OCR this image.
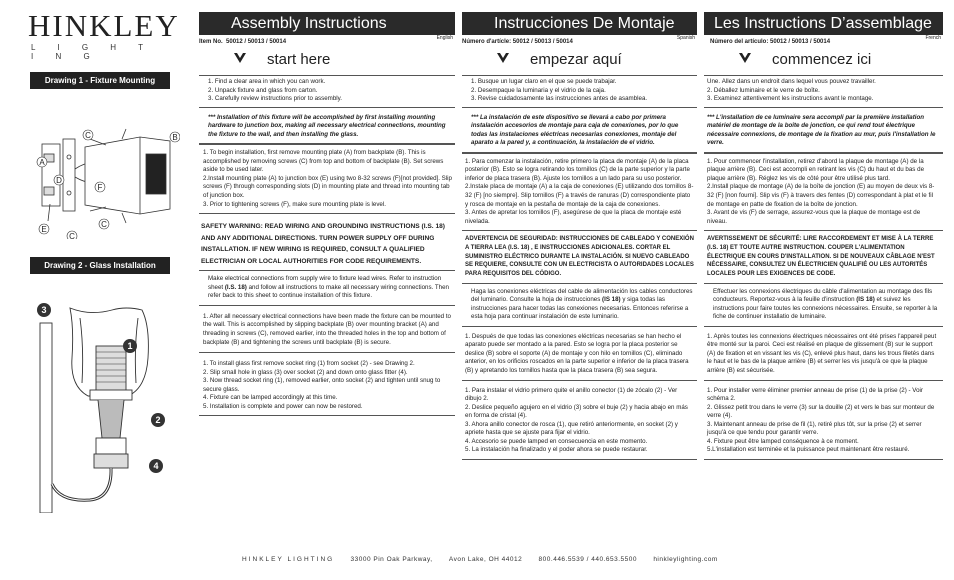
HINKLEY
L I G H T I N G
Drawing 1 - Fixture Mounting
C	B
A
D
F
E
C
C
Drawing 2 - Glass Installation
3
1
2
4
Assembly Instructions
Item No. 50012 / 50013 / 50014
English
start here
1. Find a clear area in which you can work.
2. Unpack fixture and glass from carton.
3. Carefully review instructions prior to assembly.
*** Installation of this fixture will be accomplished by first installing mounting hardware to junction box, making all necessary electrical connections, mounting the fixture to the wall, and then installing the glass.
1. To begin installation, first remove mounting plate (A) from backplate (B). This is accomplished by removing screws (C) from top and bottom of backplate (B). Set screws aside to be used later.
2.Install mounting plate (A) to junction box (E) using two 8-32 screws (F)[not provided]. Slip screws (F) through corresponding slots (D) in mounting plate and thread into mounting tab of junction box.
3. Prior to tightening screws (F), make sure mounting plate is level.
SAFETY WARNING: READ WIRING AND GROUNDING INSTRUCTIONS (I.S. 18) AND ANY ADDITIONAL DIRECTIONS. TURN POWER SUPPLY OFF DURING INSTALLATION. IF NEW WIRING IS REQUIRED, CONSULT A QUALIFIED ELECTRICIAN OR LOCAL AUTHORITIES FOR CODE REQUIREMENTS.
Make electrical connections from supply wire to fixture lead wires. Refer to instruction sheet (I.S. 18) and follow all instructions to make all necessary wiring connections. Then refer back to this sheet to continue installation of this fixture.
1. After all necessary electrical connections have been made the fixture can be mounted to the wall. This is accomplished by slipping backplate (B) over mounting bracket (A) and threading in screws (C), removed earlier, into the threaded holes in the top and bottom of backplate (B) and tightening the screws until backplate (B) is secure.
1. To install glass first remove socket ring (1) from socket (2) - see Drawing 2.
2. Slip small hole in glass (3) over socket (2) and down onto glass fitter (4).
3. Now thread socket ring (1), removed earlier, onto socket (2) and tighten until snug to secure glass.
4. Fixture can be lamped accordingly at this time.
5. Installation is complete and power can now be restored.
Instrucciones De Montaje
Número d'artícle: 50012 / 50013 / 50014
Spanish
empezar aquí
1. Busque un lugar claro en el que se puede trabajar.
2. Desempaque la luminaria y el vidrio de la caja.
3. Revise cuidadosamente las instrucciones antes de asamblea.
*** La instalación de este dispositivo se llevará a cabo por primera instalación accesorios de montaje para caja de conexiones, por lo que todas las instalaciones eléctricas necesarias conexiones, montaje del aparato a la pared y, a continuación, la instalación de el vidrio.
1. Para comenzar la instalación, retire primero la placa de montaje (A) de la placa posterior (B). Esto se logra retirando los tornillos (C) de la parte superior y la parte inferior de placa trasera (B). Ajuste los tornillos a un lado para su uso posterior.
2.Instale placa de montaje (A) a la caja de conexiones (E) utilizando dos tornillos 8-32 (F) [no siempre]. Slip tornillos (F) a través de ranuras (D) correspondiente plato y rosca de montaje en la pestaña de montaje de la caja de conexiones.
3. Antes de apretar los tornillos (F), asegúrese de que la placa de montaje esté nivelada.
ADVERTENCIA DE SEGURIDAD: INSTRUCCIONES DE CABLEADO Y CONEXIÓN A TIERRA LEA (I.S. 18) , E INSTRUCCIONES ADICIONALES. CORTAR EL SUMINISTRO ELÉCTRICO DURANTE LA INSTALACIÓN. SI NUEVO CABLEADO SE REQUIERE, CONSULTE CON UN ELECTRICISTA O AUTORIDADES LOCALES PARA REQUISITOS DEL CÓDIGO.
Haga las conexiones eléctricas del cable de alimentación los cables conductores del luminario. Consulte la hoja de instrucciones (IS 18) y siga todas las instrucciones para hacer todas las conexiones necesarias. Entonces referirse a esta hoja para continuar instalación de este luminario.
1. Después de que todas las conexiones eléctricas necesarias se han hecho el aparato puede ser montado a la pared. Esto se logra por la placa posterior se deslice (B) sobre el soporte (A) de montaje y con hilo en tornillos (C), eliminado anterior, en los orificios roscados en la parte superior e inferior de la placa trasera (B) y apretando los tornillos hasta que la placa trasera (B) sea segura.
1. Para instalar el vidrio primero quite el anillo conector (1) de zócalo (2) - Ver dibujo 2.
2. Deslice pequeño agujero en el vidrio (3) sobre el buje (2) y hacia abajo en más en forma de cristal (4).
3. Ahora anillo conector de rosca (1), que retiró anteriormente, en socket (2) y apriete hasta que se ajuste para fijar el vidrio.
4. Accesorio se puede lamped en consecuencia en este momento.
5. La instalación ha finalizado y el poder ahora se puede restaurar.
Les Instructions D’assemblage
Número del artículo: 50012 / 50013 / 50014
French
commencez ici
Unе. Allez dans un endroit dans lequel vous pouvez travailler.
2. Déballez luminaire et le verre de boîte.
3. Examinez attentivement les instructions avant le montage.
*** L'installation de ce luminaire sera accompli par la première installation matériel de montage de la boîte de jonction, ce qui rend tout électrique nécessaire connexions, de montage de la fixation au mur, puis l'installation le verre.
1. Pour commencer l'installation, retirez d'abord la plaque de montage (A) de la plaque arrière (B). Ceci est accompli en retirant les vis (C) du haut et du bas de plaque arrière (B). Réglez les vis de côté pour être utilisé plus tard.
2.Install plaque de montage (A) de la boîte de jonction (E) au moyen de deux vis 8-32 (F) [non fourni]. Slip vis (F) à travers des fentes (D) correspondant à plat et le fil de montage en patte de fixation de la boîte de jonction.
3. Avant de vis (F) de serrage, assurez-vous que la plaque de montage est de niveau.
AVERTISSEMENT DE SÉCURITÉ: LIRE RACCORDEMENT ET MISE À LA TERRE (I.S. 18) ET TOUTE AUTRE INSTRUCTION. COUPER L'ALIMENTATION ÉLECTRIQUE EN COURS D'INSTALLATION. SI DE NOUVEAUX CÂBLAGE N'EST NÉCESSAIRE, CONSULTEZ UN ÉLECTRICIEN QUALIFIÉ OU LES AUTORITÉS LOCALES POUR LES EXIGENCES DE CODE.
Effectuer les connexions électriques du câble d'alimentation au montage des fils conducteurs. Reportez-vous à la feuille d'instruction (IS 18) et suivez les instructions pour faire toutes les connexions nécessaires. Ensuite, se reporter à la fiche de continuer installatio de luminaire.
1. Après toutes les connexions électriques nécessaires ont été prises l'appareil peut être monté sur la paroi. Ceci est réalisé en plaque de glissement (B) sur le support (A) de fixation et en vissant les vis (C), enlevé plus haut, dans les trous filetés dans le haut et le bas de la plaque arrière (B) et serrer les vis jusqu'à ce que la plaque arrière (B) est sécurisée.
1. Pour installer verre éliminer premier anneau de prise (1) de la prise (2) - Voir schéma 2.
2. Glissez petit trou dans le verre (3) sur la douille (2) et vers le bas sur monteur de verre (4).
3. Maintenant anneau de prise de fil (1), retiré plus tôt, sur la prise (2) et serrer jusqu'à ce que tendu pour garantir verre.
4. Fixture peut être lamped conséquence à ce moment.
5.L'installation est terminée et la puissance peut maintenant être restauré.
HINKLEY LIGHTING	33000 Pin Oak Parkway,	Avon Lake, OH 44012	800.446.5539 / 440.653.5500	hinkleylighting.com
